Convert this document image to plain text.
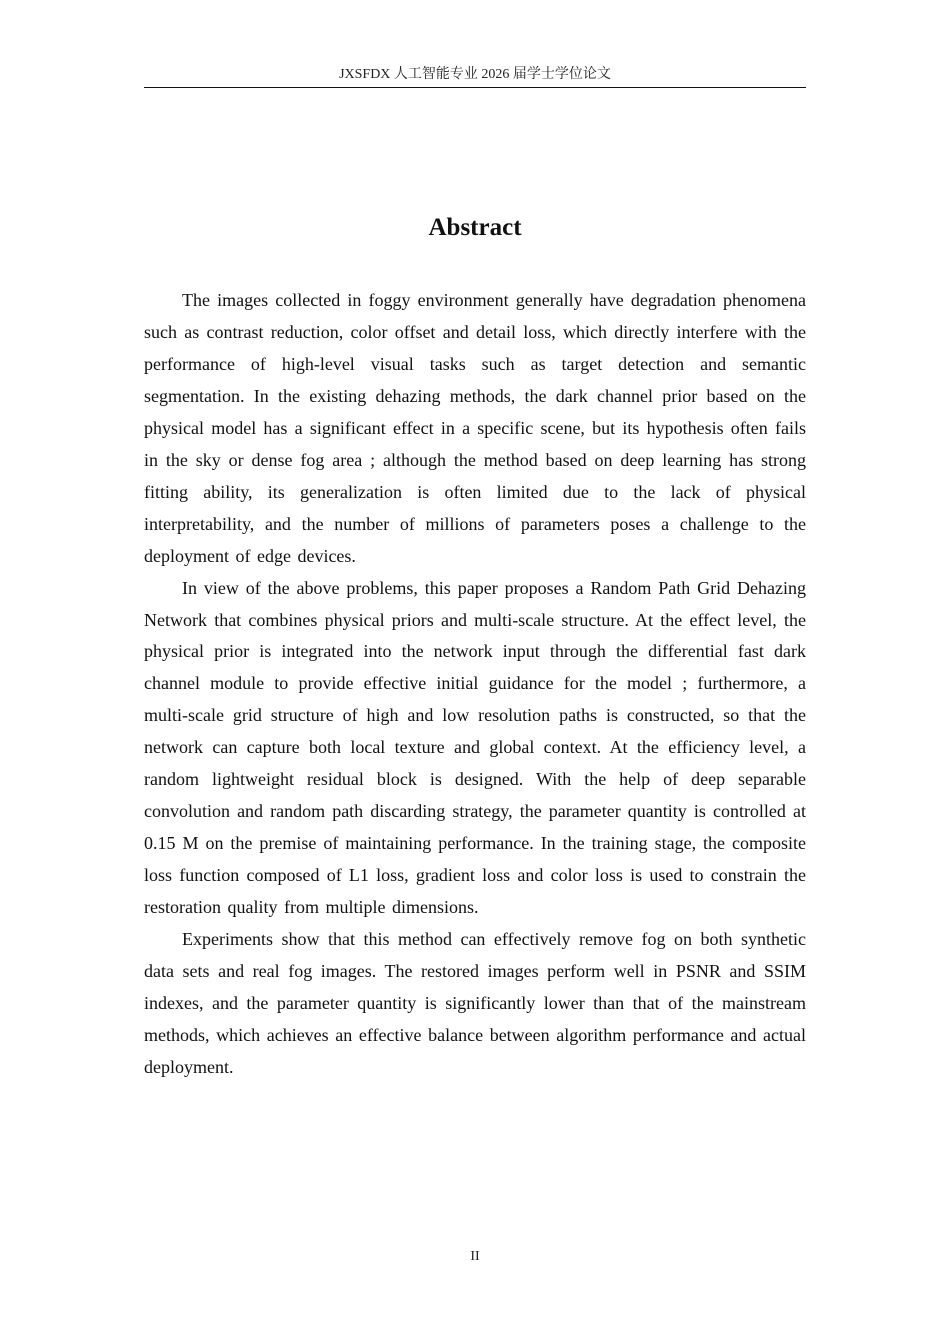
JXSFDX 人工智能专业 2026 届学士学位论文
Abstract

The images collected in foggy environment generally have degradation phenomena such as contrast reduction, color offset and detail loss, which directly interfere with the performance of high-level visual tasks such as target detection and semantic segmentation. In the existing dehazing methods, the dark channel prior based on the physical model has a significant effect in a specific scene, but its hypothesis often fails in the sky or dense fog area ; although the method based on deep learning has strong fitting ability, its generalization is often limited due to the lack of physical interpretability, and the number of millions of parameters poses a challenge to the deployment of edge devices.

In view of the above problems, this paper proposes a Random Path Grid Dehazing Network that combines physical priors and multi-scale structure. At the effect level, the physical prior is integrated into the network input through the differential fast dark channel module to provide effective initial guidance for the model ; furthermore, a multi-scale grid structure of high and low resolution paths is constructed, so that the network can capture both local texture and global context. At the efficiency level, a random lightweight residual block is designed. With the help of deep separable convolution and random path discarding strategy, the parameter quantity is controlled at 0.15 M on the premise of maintaining performance. In the training stage, the composite loss function composed of L1 loss, gradient loss and color loss is used to constrain the restoration quality from multiple dimensions.

Experiments show that this method can effectively remove fog on both synthetic data sets and real fog images. The restored images perform well in PSNR and SSIM indexes, and the parameter quantity is significantly lower than that of the mainstream methods, which achieves an effective balance between algorithm performance and actual deployment.

II
